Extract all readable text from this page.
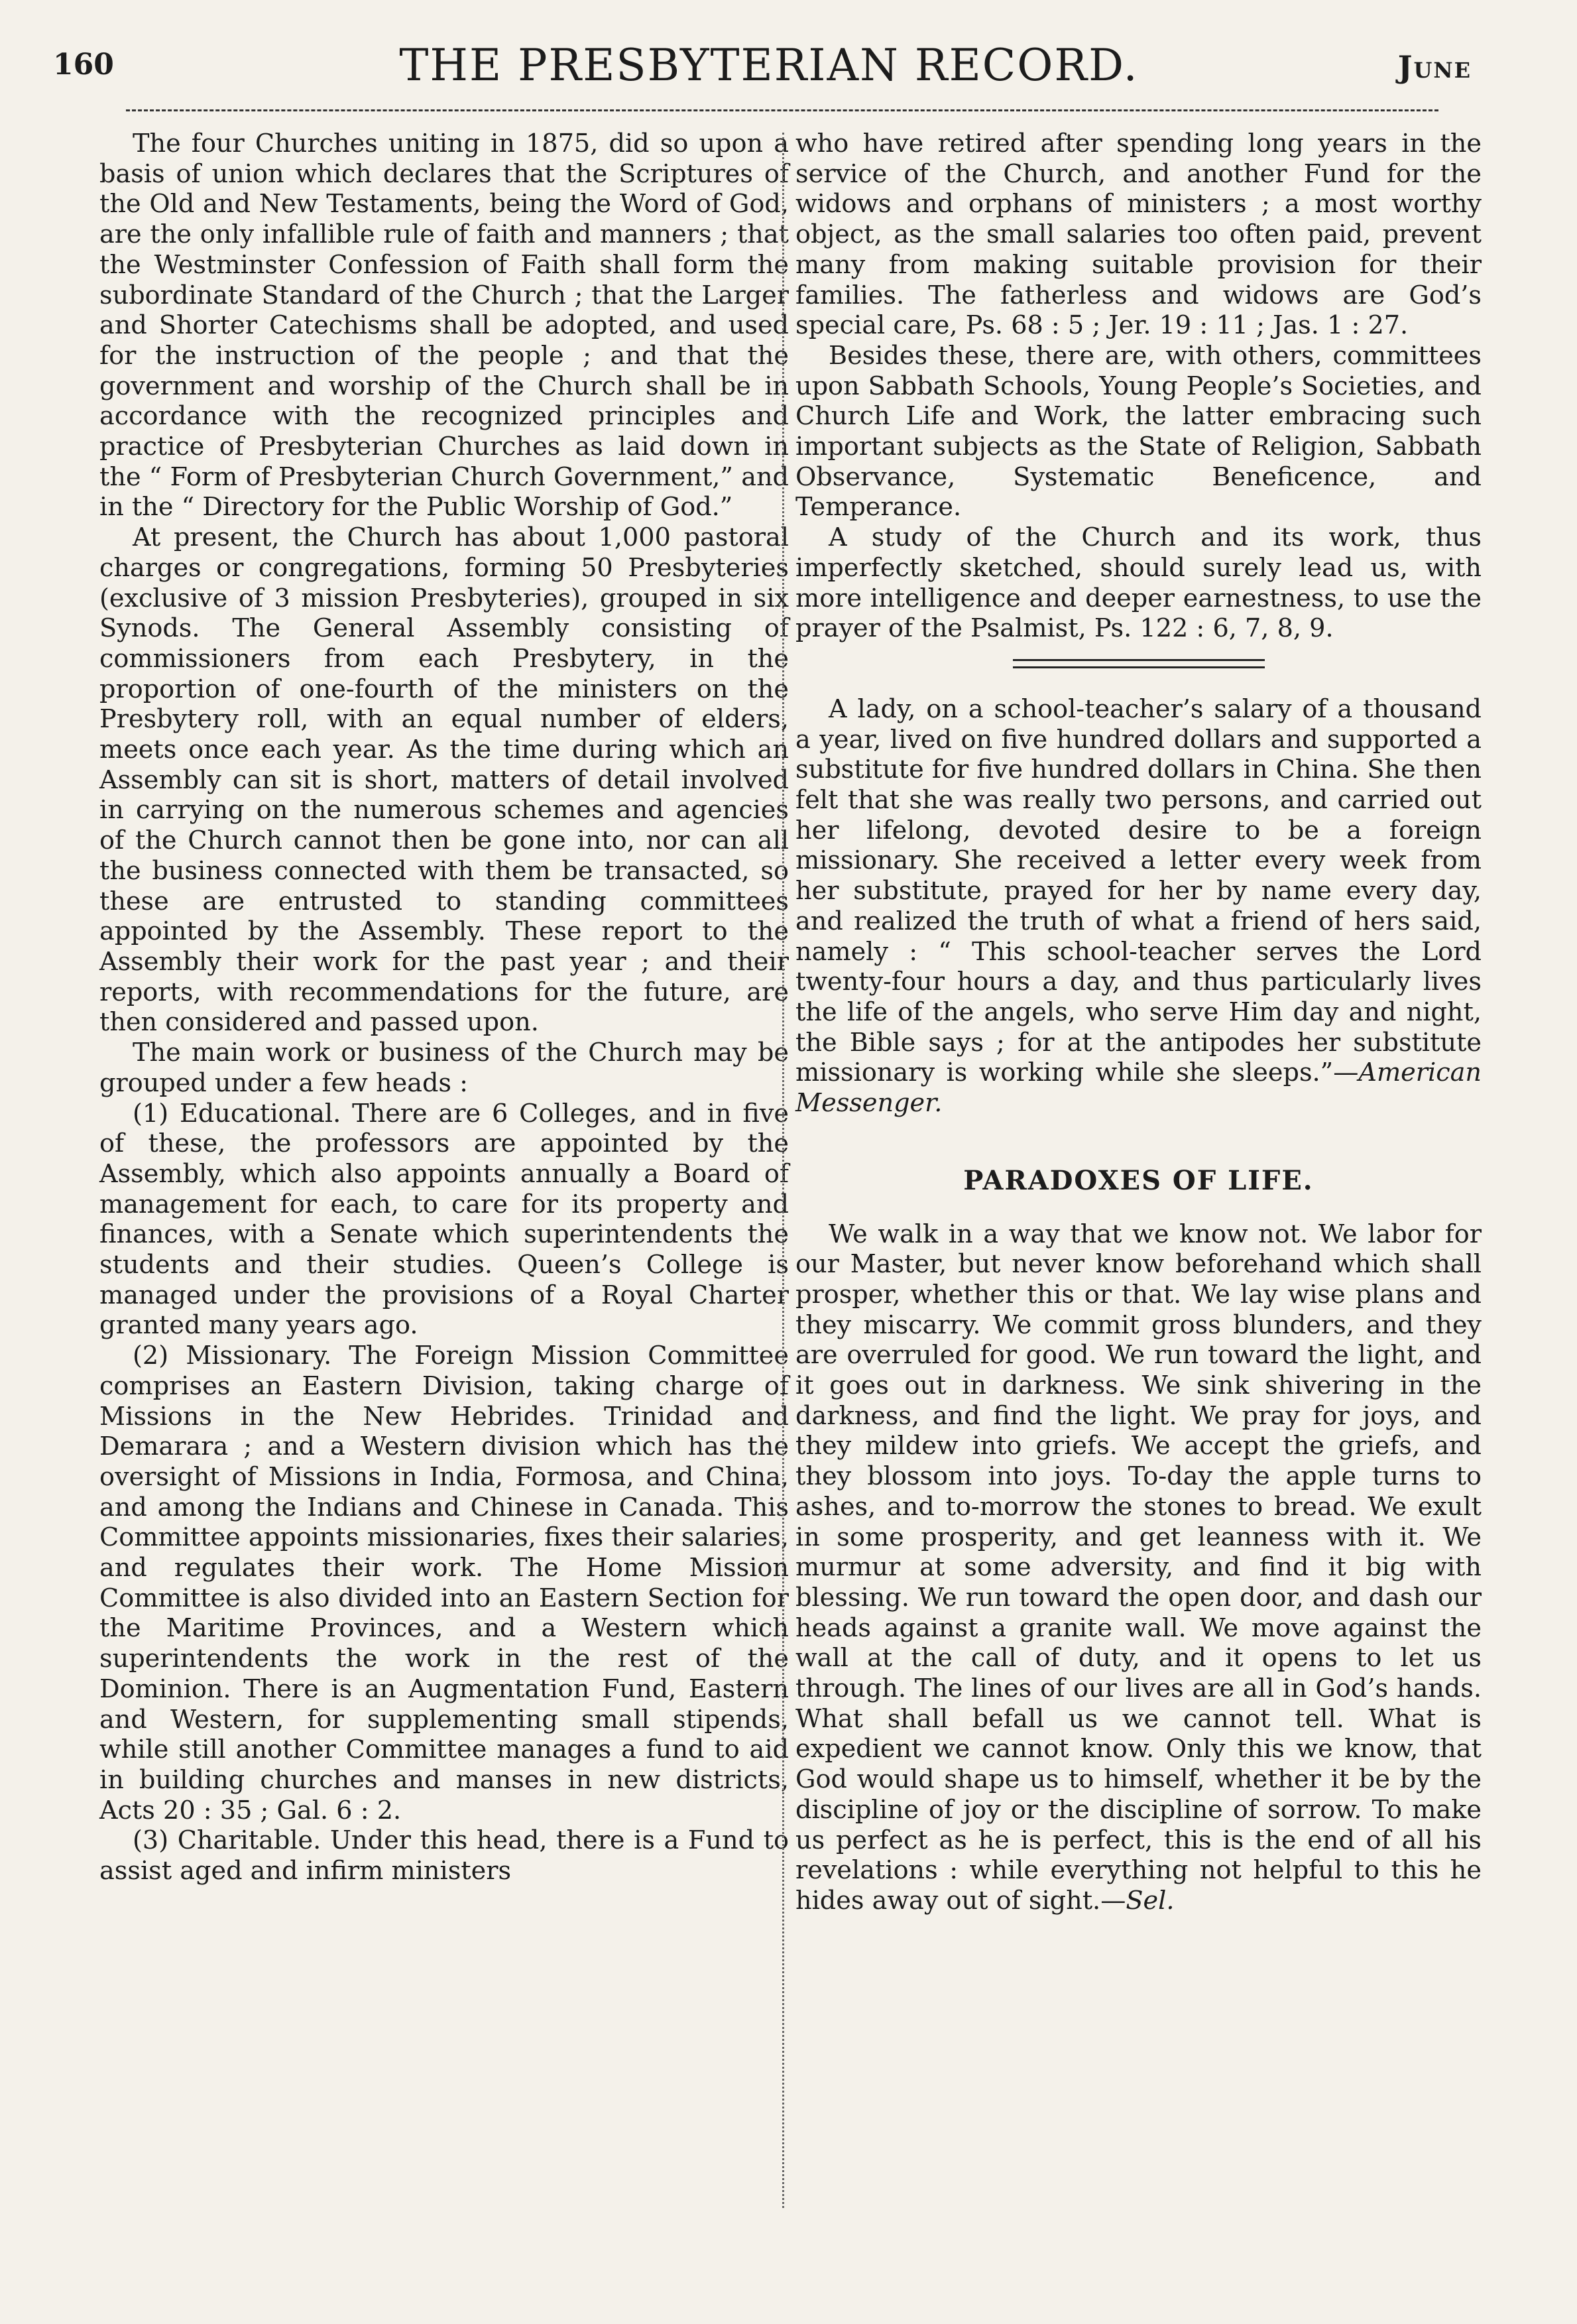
160	THE PRESBYTERIAN RECORD.	June

The four Churches uniting in 1875, did so upon a basis of union which declares that the Scriptures of the Old and New Testaments, being the Word of God, are the only infallible rule of faith and manners ; that the Westminster Confession of Faith shall form the subordinate Standard of the Church ; that the Larger and Shorter Catechisms shall be adopted, and used for the instruction of the people ; and that the government and worship of the Church shall be in accordance with the recognized principles and practice of Presbyterian Churches as laid down in the “ Form of Presbyterian Church Government,” and in the “ Directory for the Public Worship of God.”

At present, the Church has about 1,000 pastoral charges or congregations, forming 50 Presbyteries (exclusive of 3 mission Presbyteries), grouped in six Synods. The General Assembly consisting of commissioners from each Presbytery, in the proportion of one-fourth of the ministers on the Presbytery roll, with an equal number of elders, meets once each year. As the time during which an Assembly can sit is short, matters of detail involved in carrying on the numerous schemes and agencies of the Church cannot then be gone into, nor can all the business connected with them be transacted, so these are entrusted to standing committees appointed by the Assembly. These report to the Assembly their work for the past year ; and their reports, with recommendations for the future, are then considered and passed upon.

The main work or business of the Church may be grouped under a few heads :

(1) Educational. There are 6 Colleges, and in five of these, the professors are appointed by the Assembly, which also appoints annually a Board of management for each, to care for its property and finances, with a Senate which superintendents the students and their studies. Queen’s College is managed under the provisions of a Royal Charter granted many years ago.

(2) Missionary. The Foreign Mission Committee comprises an Eastern Division, taking charge of Missions in the New Hebrides. Trinidad and Demarara ; and a Western division which has the oversight of Missions in India, Formosa, and China, and among the Indians and Chinese in Canada. This Committee appoints missionaries, fixes their salaries, and regulates their work. The Home Mission Committee is also divided into an Eastern Section for the Maritime Provinces, and a Western which superintendents the work in the rest of the Dominion. There is an Augmentation Fund, Eastern and Western, for supplementing small stipends, while still another Committee manages a fund to aid in building churches and manses in new districts, Acts 20 : 35 ; Gal. 6 : 2.

(3) Charitable. Under this head, there is a Fund to assist aged and infirm ministers

who have retired after spending long years in the service of the Church, and another Fund for the widows and orphans of ministers ; a most worthy object, as the small salaries too often paid, prevent many from making suitable provision for their families. The fatherless and widows are God’s special care, Ps. 68 : 5 ; Jer. 19 : 11 ; Jas. 1 : 27.

Besides these, there are, with others, committees upon Sabbath Schools, Young People’s Societies, and Church Life and Work, the latter embracing such important subjects as the State of Religion, Sabbath Observance, Systematic Beneficence, and Temperance.

A study of the Church and its work, thus imperfectly sketched, should surely lead us, with more intelligence and deeper earnestness, to use the prayer of the Psalmist, Ps. 122 : 6, 7, 8, 9.

A lady, on a school-teacher’s salary of a thousand a year, lived on five hundred dollars and supported a substitute for five hundred dollars in China. She then felt that she was really two persons, and carried out her lifelong, devoted desire to be a foreign missionary. She received a letter every week from her substitute, prayed for her by name every day, and realized the truth of what a friend of hers said, namely : “ This school-teacher serves the Lord twenty-four hours a day, and thus particularly lives the life of the angels, who serve Him day and night, the Bible says ; for at the antipodes her substitute missionary is working while she sleeps.”—American Messenger.

PARADOXES OF LIFE.

We walk in a way that we know not. We labor for our Master, but never know beforehand which shall prosper, whether this or that. We lay wise plans and they miscarry. We commit gross blunders, and they are overruled for good. We run toward the light, and it goes out in darkness. We sink shivering in the darkness, and find the light. We pray for joys, and they mildew into griefs. We accept the griefs, and they blossom into joys. To-day the apple turns to ashes, and to-morrow the stones to bread. We exult in some prosperity, and get leanness with it. We murmur at some adversity, and find it big with blessing. We run toward the open door, and dash our heads against a granite wall. We move against the wall at the call of duty, and it opens to let us through. The lines of our lives are all in God’s hands. What shall befall us we cannot tell. What is expedient we cannot know. Only this we know, that God would shape us to himself, whether it be by the discipline of joy or the discipline of sorrow. To make us perfect as he is perfect, this is the end of all his revelations : while everything not helpful to this he hides away out of sight.—Sel.
